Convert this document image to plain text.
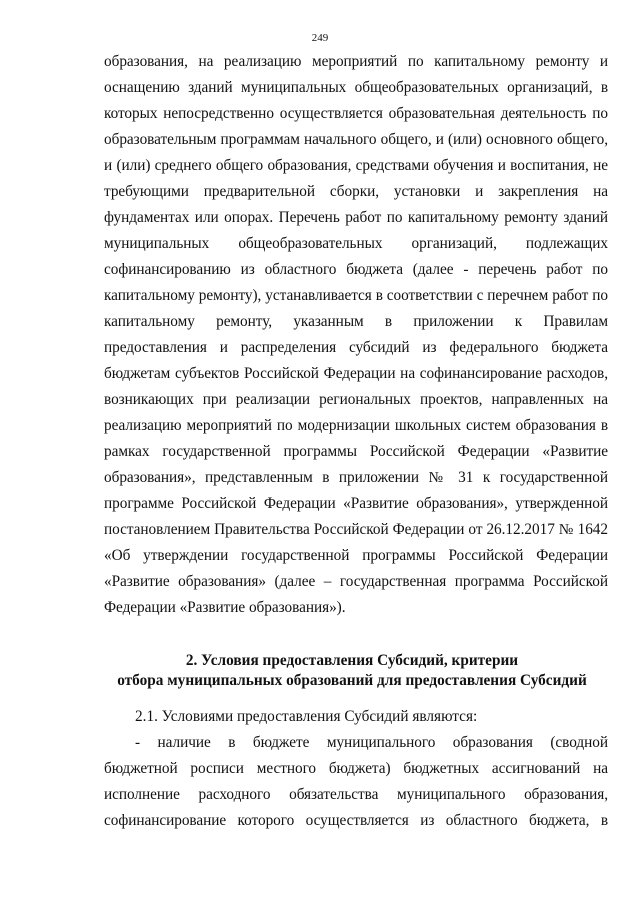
249
образования, на реализацию мероприятий по капитальному ремонту и
оснащению зданий муниципальных общеобразовательных организаций, в
которых непосредственно осуществляется образовательная деятельность по
образовательным программам начального общего, и (или) основного общего,
и (или) среднего общего образования, средствами обучения и воспитания, не
требующими предварительной сборки, установки и закрепления на
фундаментах или опорах. Перечень работ по капитальному ремонту зданий
муниципальных общеобразовательных организаций, подлежащих
софинансированию из областного бюджета (далее - перечень работ по
капитальному ремонту), устанавливается в соответствии с перечнем работ по
капитальному ремонту, указанным в приложении к Правилам
предоставления и распределения субсидий из федерального бюджета
бюджетам субъектов Российской Федерации на софинансирование расходов,
возникающих при реализации региональных проектов, направленных на
реализацию мероприятий по модернизации школьных систем образования в
рамках государственной программы Российской Федерации «Развитие
образования», представленным в приложении № 31 к государственной
программе Российской Федерации «Развитие образования», утвержденной
постановлением Правительства Российской Федерации от 26.12.2017 № 1642
«Об утверждении государственной программы Российской Федерации
«Развитие образования» (далее – государственная программа Российской
Федерации «Развитие образования»).
2. Условия предоставления Субсидий, критерии
отбора муниципальных образований для предоставления Субсидий
2.1. Условиями предоставления Субсидий являются:
- наличие в бюджете муниципального образования (сводной
бюджетной росписи местного бюджета) бюджетных ассигнований на
исполнение расходного обязательства муниципального образования,
софинансирование которого осуществляется из областного бюджета, в
